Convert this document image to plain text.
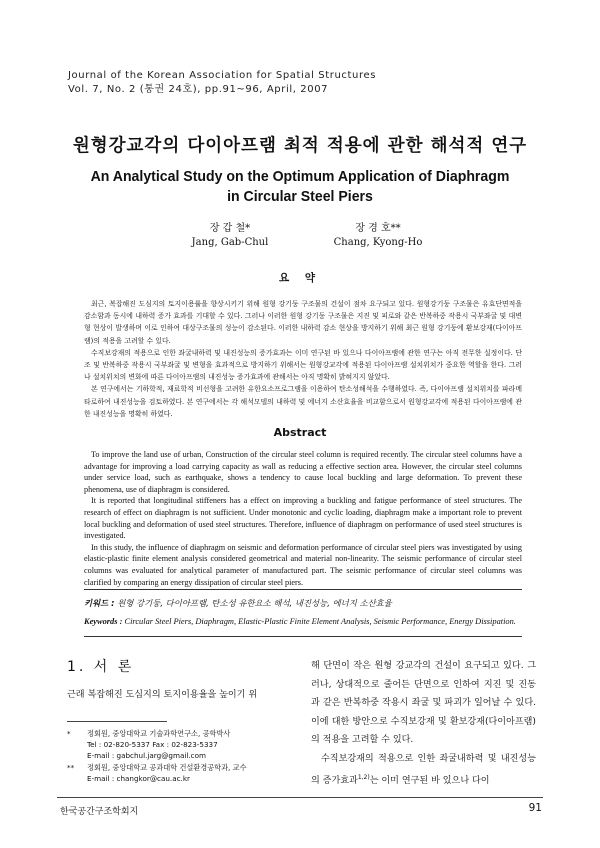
Journal of the Korean Association for Spatial Structures
Vol. 7, No. 2 (통권 24호), pp.91~96, April, 2007
원형강교각의 다이아프램 최적 적용에 관한 해석적 연구
An Analytical Study on the Optimum Application of Diaphragm
in Circular Steel Piers
장 갑 철*
Jang, Gab-Chul
장 경 호**
Chang, Kyong-Ho
요 약

최근, 복잡해진 도심지의 토지이용률을 향상시키기 위해 원형 강기둥 구조물의 건설이 점차 요구되고 있다. 원형강기둥 구조물은 유효단면적을 감소함과 동시에 내하력 증가 효과를 기대할 수 있다. 그러나 이러한 원형 강기둥 구조물은 지진 및 피로와 같은 반복하중 작용시 국부좌굴 및 대변형 현상이 발생하며 이로 인하여 대상구조물의 성능이 감소된다. 이러한 내하력 감소 현상을 방지하기 위해 최근 원형 강기둥에 환보강재(다이아프램)의 적용을 고려할 수 있다.

수직보강재의 적용으로 인한 좌굴내하력 및 내진성능의 증가효과는 이미 연구된 바 있으나 다이아프램에 관한 연구는 아직 전무한 실정이다. 단조 및 반복하중 작용시 국부좌굴 및 변형을 효과적으로 방지하기 위해서는 원형강교각에 적용된 다이아프램 설치위치가 중요한 역할을 한다. 그러나 설치위치의 변화에 따른 다이아프램의 내진성능 증가효과에 관해서는 아직 명확히 밝혀지지 않았다.

본 연구에서는 기하학적, 재료학적 비선형을 고려한 유한요소프로그램을 이용하여 탄소성해석을 수행하였다. 즉, 다이아프램 설치위치를 파라메타로하여 내진성능을 검토하였다. 본 연구에서는 각 해석모델의 내하력 및 에너지 소산효율을 비교함으로서 원형강교각에 적용된 다이아프램에 관한 내진성능을 명확히 하였다.

Abstract

To improve the land use of urban, Construction of the circular steel column is required recently. The circular steel columns have a advantage for improving a load carrying capacity as wall as reducing a effective section area. However, the circular steel columns under service load, such as earthquake, shows a tendency to cause local buckling and large deformation. To prevent these phenomena, use of diaphragm is considered.

It is reported that longitudinal stiffeners has a effect on improving a buckling and fatigue performance of steel structures. The research of effect on diaphragm is not sufficient. Under monotonic and cyclic loading, diaphragm make a important role to prevent local buckling and deformation of used steel structures. Therefore, influence of diaphragm on performance of used steel structures is investigated.

In this study, the influence of diaphragm on seismic and deformation performance of circular steel piers was investigated by using elastic-plastic finite element analysis considered geometrical and material non-linearity. The seismic performance of circular steel columns was evaluated for analytical parameter of manufactured part. The seismic performance of circular steel columns was clarified by comparing an energy dissipation of circular steel piers.

키워드 : 원형 강기둥, 다이아프램, 탄소성 유한요소 해석, 내진성능, 에너지 소산효율
Keywords : Circular Steel Piers, Diaphragm, Elastic-Plastic Finite Element Analysis, Seismic Performance, Energy Dissipation.
1. 서 론
근래 복잡해진 도심지의 토지이용율을 높이기 위

해 단면이 작은 원형 강교각의 건설이 요구되고 있다. 그러나, 상대적으로 줄어든 단면으로 인하여 지진 및 진동과 같은 반복하중 작용시 좌굴 및 파괴가 일어날 수 있다. 이에 대한 방안으로 수직보강재 및 환보강재(다이아프램)의 적용을 고려할 수 있다.

수직보강재의 적용으로 인한 좌굴내하력 및 내진성능의 증가효과$^{1,2)}$는 이미 연구된 바 있으나 다이

*	정회원, 중앙대학교 기술과학연구소, 공학박사
Tel : 02-820-5337 Fax : 02-823-5337
E-mail : gabchul.jarg@gmail.com
**	정회원, 중앙대학교 공과대학 건설환경공학과, 교수
E-mail : changkor@cau.ac.kr
한국공간구조학회지	91
